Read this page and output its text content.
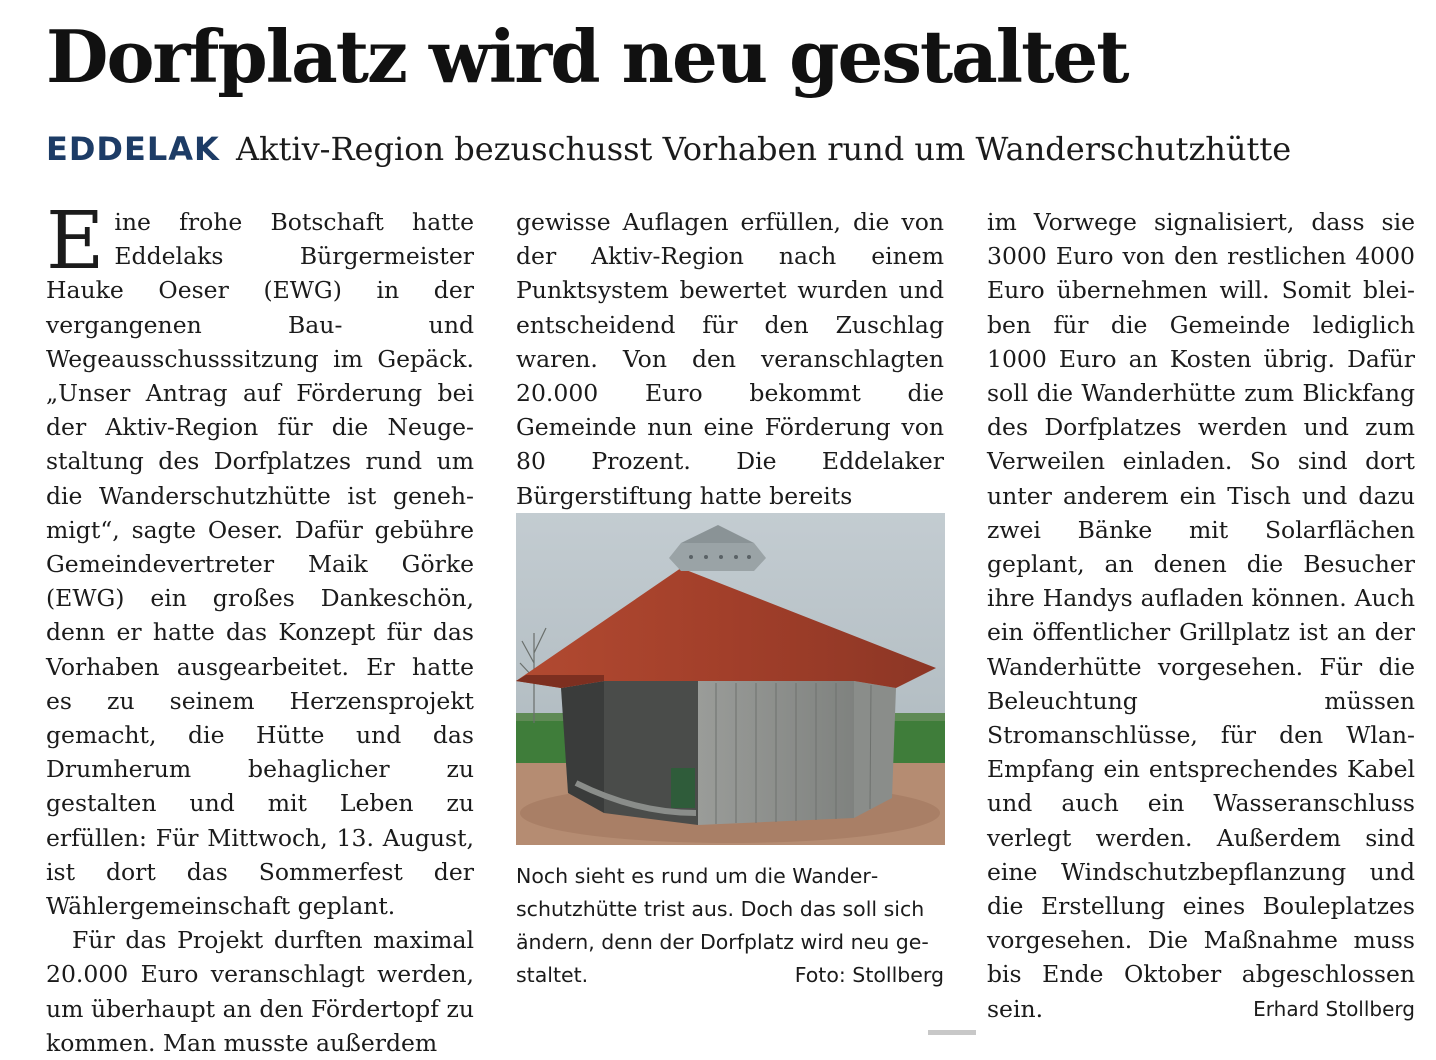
Dorfplatz wird neu gestaltet
EDDELAK Aktiv-Region bezuschusst Vorhaben rund um Wanderschutzhütte

Eine frohe Botschaft hatte Eddelaks Bürgermeister Hauke Oeser (EWG) in der vergangenen Bau- und Wegeausschusssitzung im Gepäck. „Unser Antrag auf Förderung bei der Aktiv-Region für die Neugestaltung des Dorfplatzes rund um die Wanderschutzhütte ist genehmigt“, sagte Oeser. Dafür gebühre Gemeindevertreter Maik Görke (EWG) ein großes Dankeschön, denn er hatte das Konzept für das Vorhaben ausgearbeitet. Er hatte es zu seinem Herzensprojekt gemacht, die Hütte und das Drumherum behaglicher zu gestalten und mit Leben zu erfüllen: Für Mittwoch, 13. August, ist dort das Sommerfest der Wählergemeinschaft geplant.

Für das Projekt durften maximal 20.000 Euro veranschlagt werden, um überhaupt an den Fördertopf zu kommen. Man musste außerdem

gewisse Auflagen erfüllen, die von der Aktiv-Region nach einem Punktsystem bewertet wurden und entscheidend für den Zuschlag waren. Von den veranschlagten 20.000 Euro bekommt die Gemeinde nun eine Förderung von 80 Prozent. Die Eddelaker Bürgerstiftung hatte bereits

Noch sieht es rund um die Wanderschutzhütte trist aus. Doch das soll sich ändern, denn der Dorfplatz wird neu gestaltet.	Foto: Stollberg

im Vorwege signalisiert, dass sie 3000 Euro von den restlichen 4000 Euro übernehmen will. Somit bleiben für die Gemeinde lediglich 1000 Euro an Kosten übrig. Dafür soll die Wanderhütte zum Blickfang des Dorfplatzes werden und zum Verweilen einladen. So sind dort unter anderem ein Tisch und dazu zwei Bänke mit Solarflächen geplant, an denen die Besucher ihre Handys aufladen können. Auch ein öffentlicher Grillplatz ist an der Wanderhütte vorgesehen. Für die Beleuchtung müssen Stromanschlüsse, für den Wlan-Empfang ein entsprechendes Kabel und auch ein Wasseranschluss verlegt werden. Außerdem sind eine Windschutzbepflanzung und die Erstellung eines Bouleplatzes vorgesehen. Die Maßnahme muss bis Ende Oktober abgeschlossen sein.	Erhard Stollberg
